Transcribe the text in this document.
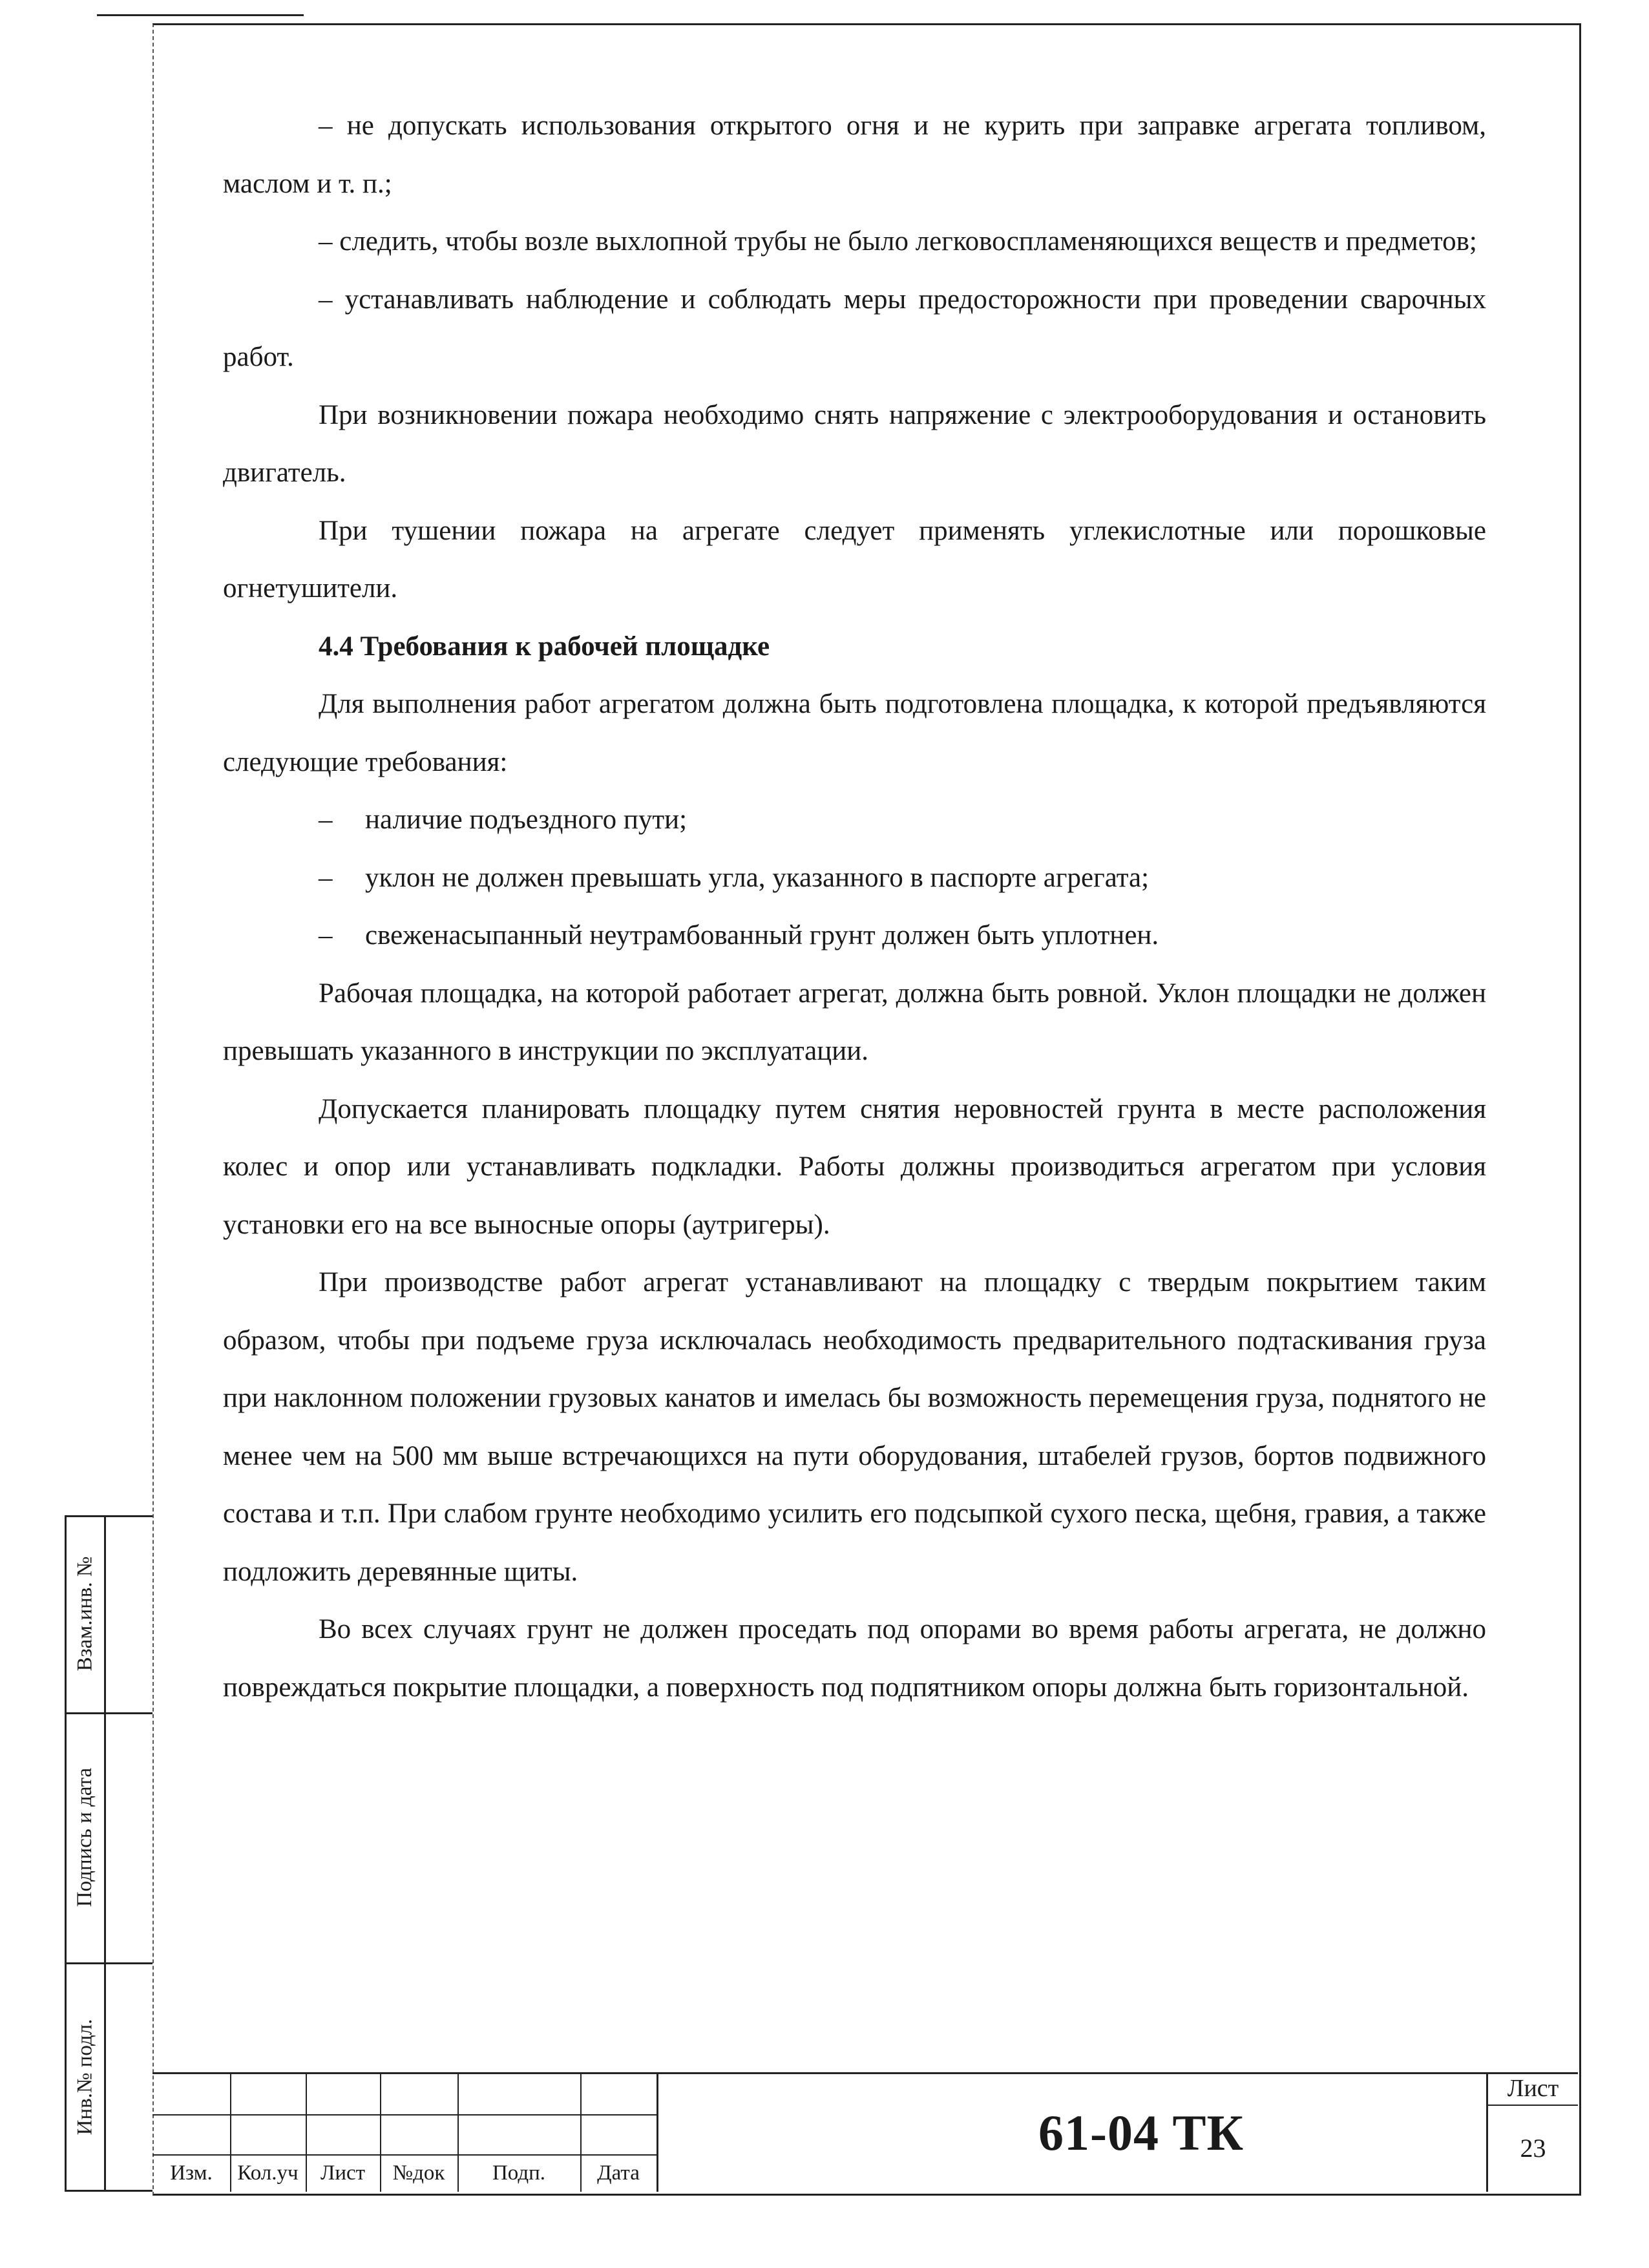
– не допускать использования открытого огня и не курить при заправке агрегата топливом, маслом и т. п.;

– следить, чтобы возле выхлопной трубы не было легковоспламеняющихся веществ и предметов;

– устанавливать наблюдение и соблюдать меры предосторожности при проведении сварочных работ.

При возникновении пожара необходимо снять напряжение с электрооборудования и остановить двигатель.

При тушении пожара на агрегате следует применять углекислотные или порошковые огнетушители.

4.4 Требования к рабочей площадке

Для выполнения работ агрегатом должна быть подготовлена площадка, к которой предъявляются следующие требования:

– наличие подъездного пути;

– уклон не должен превышать угла, указанного в паспорте агрегата;

– свеженасыпанный неутрамбованный грунт должен быть уплотнен.

Рабочая площадка, на которой работает агрегат, должна быть ровной. Уклон площадки не должен превышать указанного в инструкции по эксплуатации.

Допускается планировать площадку путем снятия неровностей грунта в месте расположения колес и опор или устанавливать подкладки. Работы должны производиться агрегатом при условия установки его на все выносные опоры (аутригеры).

При производстве работ агрегат устанавливают на площадку с твердым покрытием таким образом, чтобы при подъеме груза исключалась необходимость предварительного подтаскивания груза при наклонном положении грузовых канатов и имелась бы возможность перемещения груза, поднятого не менее чем на 500 мм выше встречающихся на пути оборудования, штабелей грузов, бортов подвижного состава и т.п. При слабом грунте необходимо усилить его подсыпкой сухого песка, щебня, гравия, а также подложить деревянные щиты.

Во всех случаях грунт не должен проседать под опорами во время работы агрегата, не должно повреждаться покрытие площадки, а поверхность под подпятником опоры должна быть горизонтальной.

Взам.инв. №
Подпись и дата
Инв.№ подл.
Изм.	Кол.уч	Лист	№док	Подп.	Дата
61-04 ТК
Лист
23
